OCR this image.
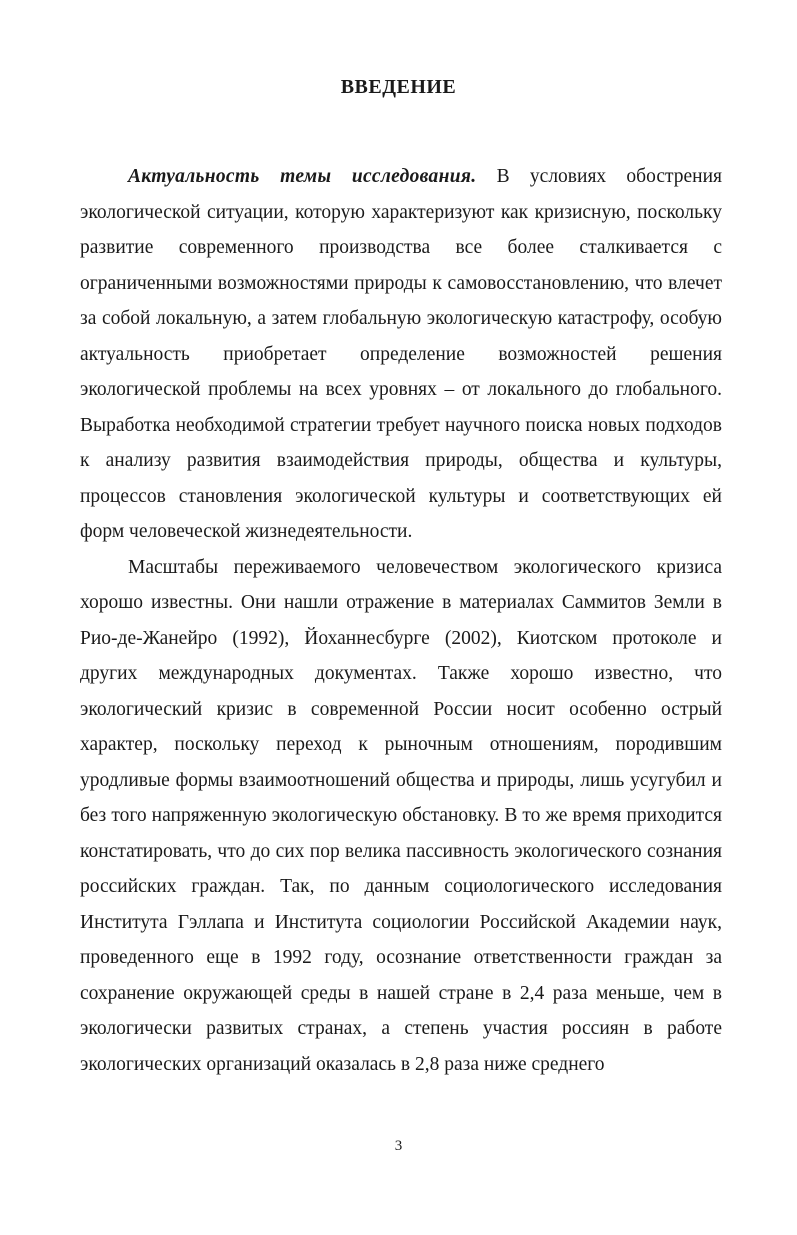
ВВЕДЕНИЕ

Актуальность темы исследования. В условиях обострения экологической ситуации, которую характеризуют как кризисную, поскольку развитие современного производства все более сталкивается с ограниченными возможностями природы к самовосстановлению, что влечет за собой локальную, а затем глобальную экологическую катастрофу, особую актуальность приобретает определение возможностей решения экологической проблемы на всех уровнях – от локального до глобального. Выработка необходимой стратегии требует научного поиска новых подходов к анализу развития взаимодействия природы, общества и культуры, процессов становления экологической культуры и соответствующих ей форм человеческой жизнедеятельности.

Масштабы переживаемого человечеством экологического кризиса хорошо известны. Они нашли отражение в материалах Саммитов Земли в Рио-де-Жанейро (1992), Йоханнесбурге (2002), Киотском протоколе и других международных документах. Также хорошо известно, что экологический кризис в современной России носит особенно острый характер, поскольку переход к рыночным отношениям, породившим уродливые формы взаимоотношений общества и природы, лишь усугубил и без того напряженную экологическую обстановку. В то же время приходится констатировать, что до сих пор велика пассивность экологического сознания российских граждан. Так, по данным социологического исследования Института Гэллапа и Института социологии Российской Академии наук, проведенного еще в 1992 году, осознание ответственности граждан за сохранение окружающей среды в нашей стране в 2,4 раза меньше, чем в экологически развитых странах, а степень участия россиян в работе экологических организаций оказалась в 2,8 раза ниже среднего

3
